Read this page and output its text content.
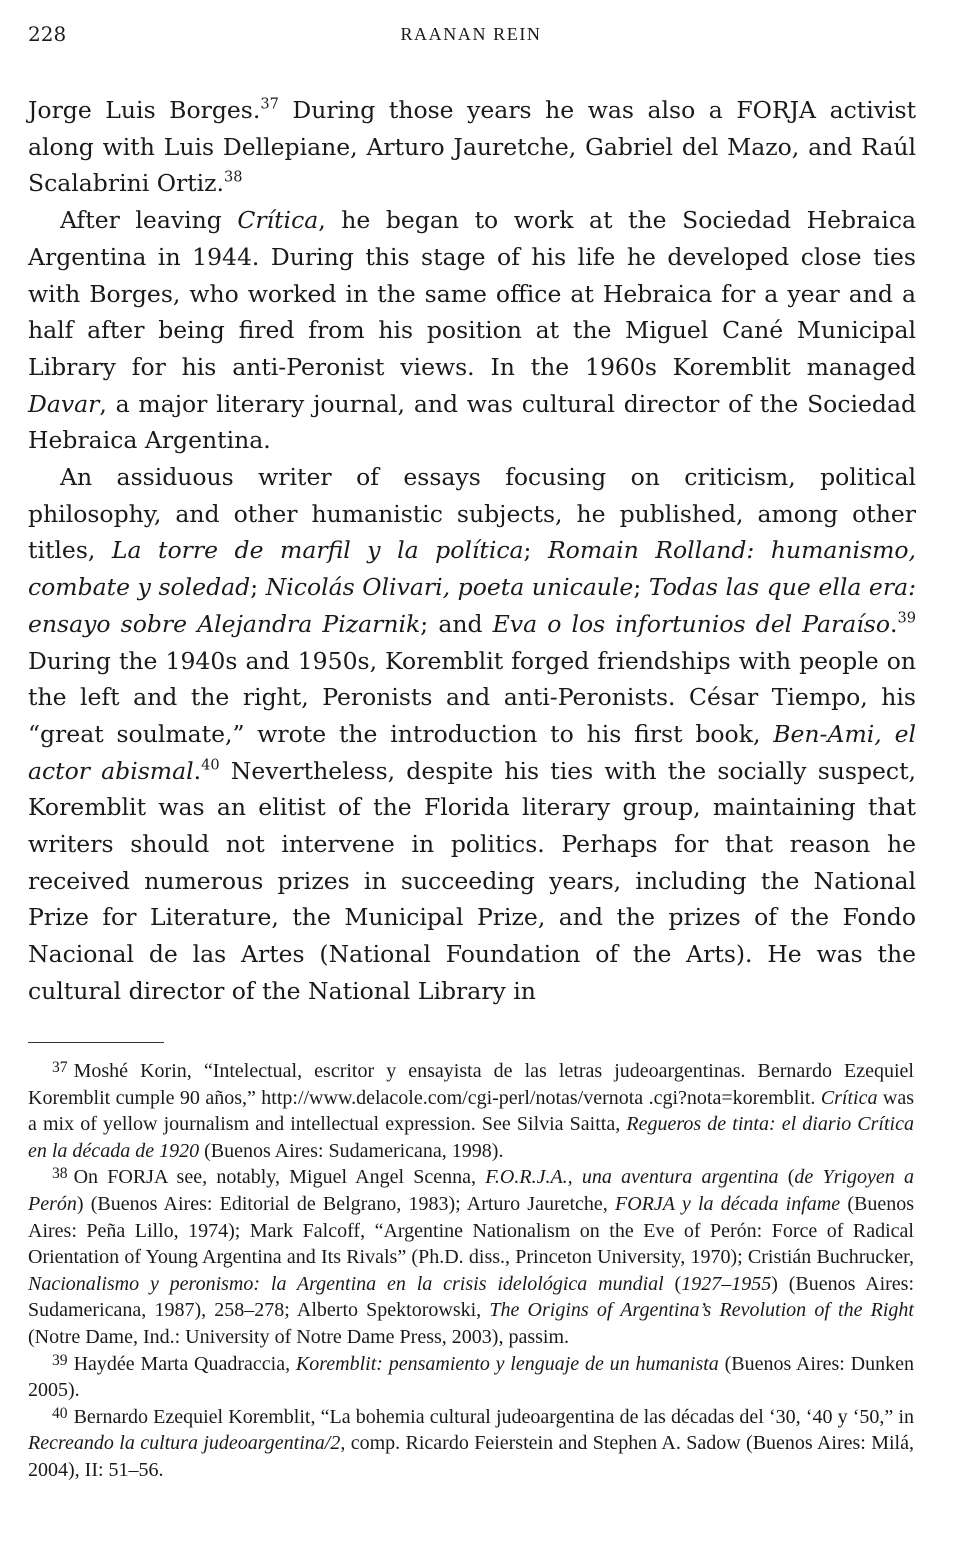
228	RAANAN REIN

Jorge Luis Borges.$^{37}$ During those years he was also a FORJA activist along with Luis Dellepiane, Arturo Jauretche, Gabriel del Mazo, and Raúl Scalabrini Ortiz.$^{38}$

After leaving Crítica, he began to work at the Sociedad Hebraica Argentina in 1944. During this stage of his life he developed close ties with Borges, who worked in the same office at Hebraica for a year and a half after being fired from his position at the Miguel Cané Municipal Library for his anti-Peronist views. In the 1960s Koremblit managed Davar, a major literary journal, and was cultural director of the Sociedad Hebraica Argentina.

An assiduous writer of essays focusing on criticism, political philosophy, and other humanistic subjects, he published, among other titles, La torre de marfil y la política; Romain Rolland: humanismo, combate y soledad; Nicolás Olivari, poeta unicaule; Todas las que ella era: ensayo sobre Alejandra Pizarnik; and Eva o los infortunios del Paraíso.$^{39}$ During the 1940s and 1950s, Koremblit forged friendships with people on the left and the right, Peronists and anti-Peronists. César Tiempo, his “great soulmate,” wrote the introduction to his first book, Ben-Ami, el actor abismal.$^{40}$ Nevertheless, despite his ties with the socially suspect, Koremblit was an elitist of the Florida literary group, maintaining that writers should not intervene in politics. Perhaps for that reason he received numerous prizes in succeeding years, including the National Prize for Literature, the Municipal Prize, and the prizes of the Fondo Nacional de las Artes (National Foundation of the Arts). He was the cultural director of the National Library in

$^{37}$ Moshé Korin, “Intelectual, escritor y ensayista de las letras judeoargentinas. Bernardo Ezequiel Koremblit cumple 90 años,” http://www.delacole.com/cgi-perl/notas/vernota .cgi?nota=koremblit. Crítica was a mix of yellow journalism and intellectual expression. See Silvia Saitta, Regueros de tinta: el diario Crítica en la década de 1920 (Buenos Aires: Sudamericana, 1998).

$^{38}$ On FORJA see, notably, Miguel Angel Scenna, F.O.R.J.A., una aventura argentina (de Yrigoyen a Perón) (Buenos Aires: Editorial de Belgrano, 1983); Arturo Jauretche, FORJA y la década infame (Buenos Aires: Peña Lillo, 1974); Mark Falcoff, “Argentine Nationalism on the Eve of Perón: Force of Radical Orientation of Young Argentina and Its Rivals” (Ph.D. diss., Princeton University, 1970); Cristián Buchrucker, Nacionalismo y peronismo: la Argentina en la crisis idelológica mundial (1927–1955) (Buenos Aires: Sudamericana, 1987), 258–278; Alberto Spektorowski, The Origins of Argentina’s Revolution of the Right (Notre Dame, Ind.: University of Notre Dame Press, 2003), passim.

$^{39}$ Haydée Marta Quadraccia, Koremblit: pensamiento y lenguaje de un humanista (Buenos Aires: Dunken 2005).

$^{40}$ Bernardo Ezequiel Koremblit, “La bohemia cultural judeoargentina de las décadas del ‘30, ‘40 y ‘50,” in Recreando la cultura judeoargentina/2, comp. Ricardo Feierstein and Stephen A. Sadow (Buenos Aires: Milá, 2004), II: 51–56.
